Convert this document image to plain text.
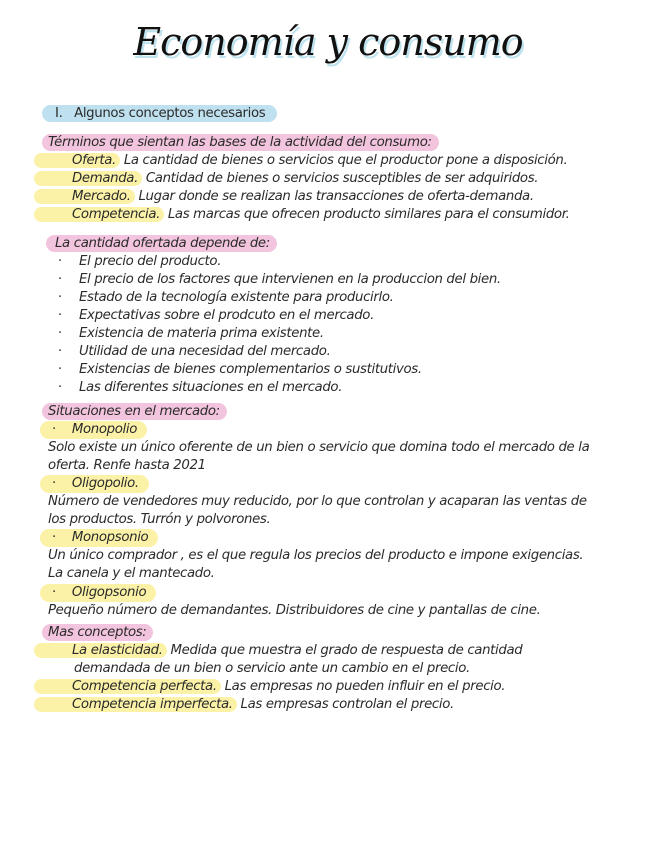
Economía y consumo
I. Algunos conceptos necesarios
Términos que sientan las bases de la actividad del consumo:
Oferta. La cantidad de bienes o servicios que el productor pone a disposición.
Demanda. Cantidad de bienes o servicios susceptibles de ser adquiridos.
Mercado. Lugar donde se realizan las transacciones de oferta-demanda.
Competencia. Las marcas que ofrecen producto similares para el consumidor.
La cantidad ofertada depende de:
· El precio del producto.
· El precio de los factores que intervienen en la produccion del bien.
· Estado de la tecnología existente para producirlo.
· Expectativas sobre el prodcuto en el mercado.
· Existencia de materia prima existente.
· Utilidad de una necesidad del mercado.
· Existencias de bienes complementarios o sustitutivos.
· Las diferentes situaciones en el mercado.
Situaciones en el mercado:
· Monopolio
Solo existe un único oferente de un bien o servicio que domina todo el mercado de la
oferta. Renfe hasta 2021
· Oligopolio.
Número de vendedores muy reducido, por lo que controlan y acaparan las ventas de
los productos. Turrón y polvorones.
· Monopsonio
Un único comprador , es el que regula los precios del producto e impone exigencias.
La canela y el mantecado.
· Oligopsonio
Pequeño número de demandantes. Distribuidores de cine y pantallas de cine.
Mas conceptos:
La elasticidad. Medida que muestra el grado de respuesta de cantidad
demandada de un bien o servicio ante un cambio en el precio.
Competencia perfecta. Las empresas no pueden influir en el precio.
Competencia imperfecta. Las empresas controlan el precio.
